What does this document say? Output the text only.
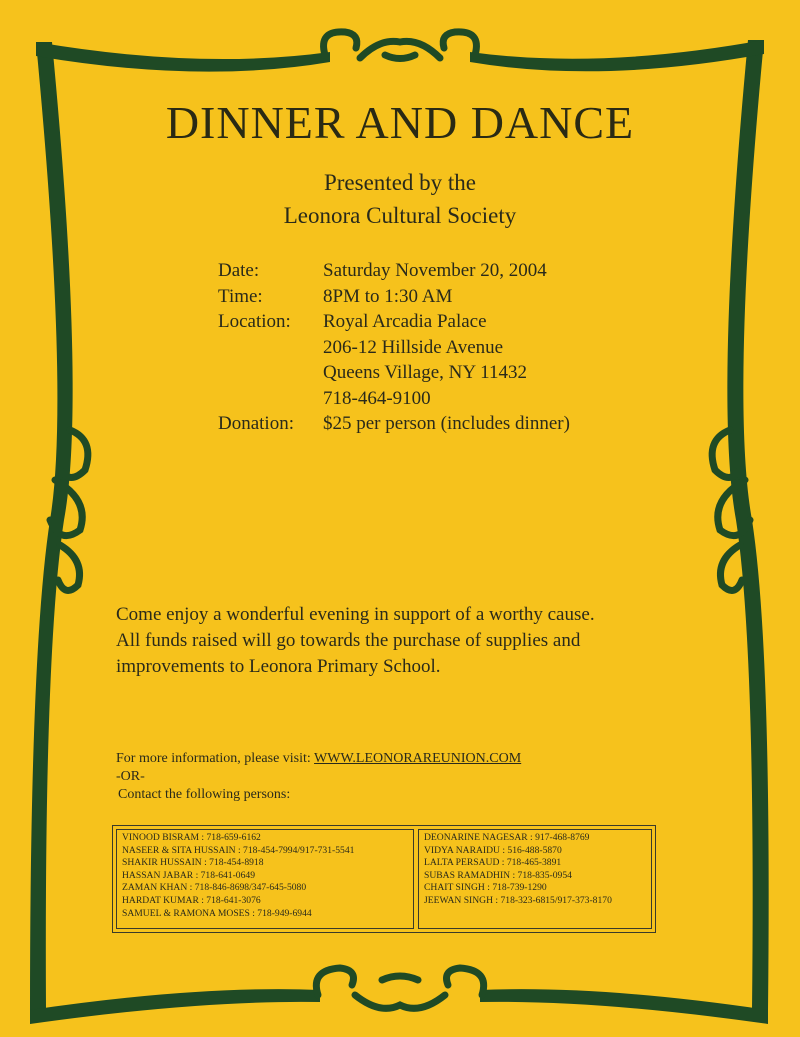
DINNER AND DANCE
Presented by the
Leonora Cultural Society
Date:	Saturday November 20, 2004
Time:	8PM to 1:30 AM
Location:	Royal Arcadia Palace
206-12 Hillside Avenue
Queens Village, NY 11432
718-464-9100
Donation:	$25 per person (includes dinner)
Come enjoy a wonderful evening in support of a worthy cause.
All funds raised will go towards the purchase of supplies and
improvements to Leonora Primary School.
For more information, please visit: WWW.LEONORAREUNION.COM
-OR-
Contact the following persons:
VINOOD BISRAM : 718-659-6162
NASEER & SITA HUSSAIN : 718-454-7994/917-731-5541
SHAKIR HUSSAIN : 718-454-8918
HASSAN JABAR : 718-641-0649
ZAMAN KHAN : 718-846-8698/347-645-5080
HARDAT KUMAR : 718-641-3076
SAMUEL & RAMONA MOSES : 718-949-6944
DEONARINE NAGESAR : 917-468-8769
VIDYA NARAIDU : 516-488-5870
LALTA PERSAUD : 718-465-3891
SUBAS RAMADHIN : 718-835-0954
CHAIT SINGH : 718-739-1290
JEEWAN SINGH : 718-323-6815/917-373-8170
